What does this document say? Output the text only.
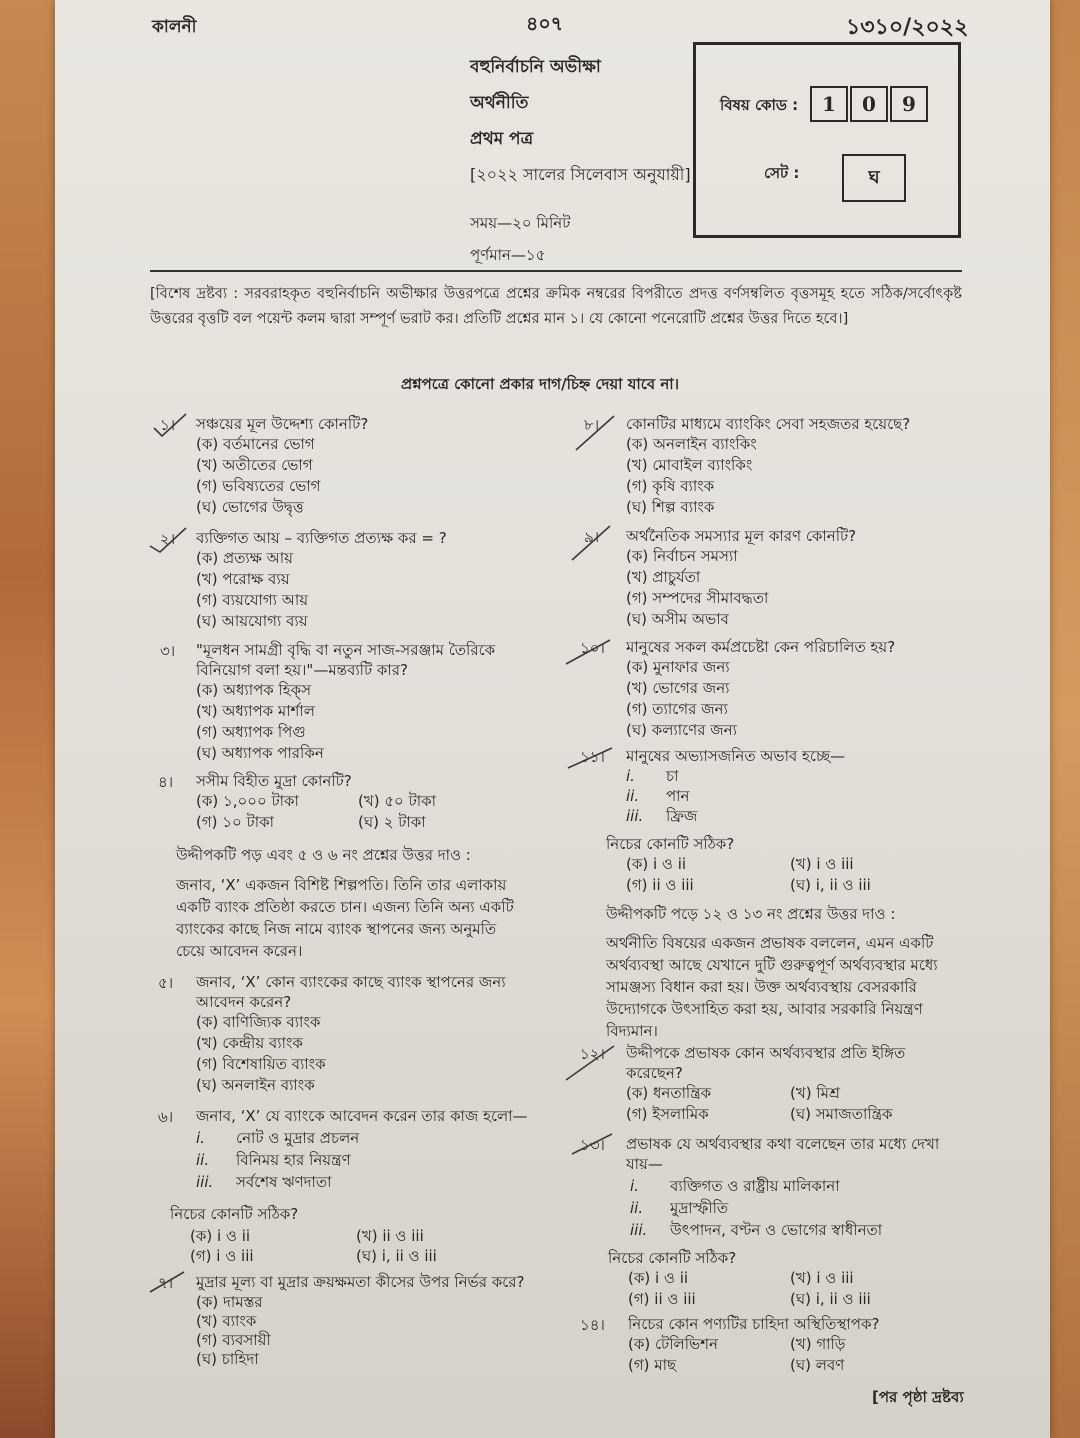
কালনী	৪০৭	১৩১০/২০২২
বহুনির্বাচনি অভীক্ষা
অর্থনীতি
প্রথম পত্র
[২০২২ সালের সিলেবাস অনুযায়ী]
সময়—২০ মিনিট
পূর্ণমান—১৫
বিষয় কোড :	1	0	9
সেট :	ঘ
[বিশেষ দ্রষ্টব্য : সরবরাহকৃত বহুনির্বাচনি অভীক্ষার উত্তরপত্রে প্রশ্নের ক্রমিক নম্বরের বিপরীতে প্রদত্ত বর্ণসম্বলিত বৃত্তসমূহ হতে সঠিক/সর্বোৎকৃষ্ট উত্তরের বৃত্তটি বল পয়েন্ট কলম দ্বারা সম্পূর্ণ ভরাট কর। প্রতিটি প্রশ্নের মান ১। যে কোনো পনেরোটি প্রশ্নের উত্তর দিতে হবে।]
প্রশ্নপত্রে কোনো প্রকার দাগ/চিহ্ন দেয়া যাবে না।
১। সঞ্চয়ের মূল উদ্দেশ্য কোনটি?
(ক) বর্তমানের ভোগ
(খ) অতীতের ভোগ
(গ) ভবিষ্যতের ভোগ
(ঘ) ভোগের উদ্বৃত্ত
২। ব্যক্তিগত আয় – ব্যক্তিগত প্রত্যক্ষ কর = ?
(ক) প্রত্যক্ষ আয়
(খ) পরোক্ষ ব্যয়
(গ) ব্যয়যোগ্য আয়
(ঘ) আয়যোগ্য ব্যয়
৩। "মূলধন সামগ্রী বৃদ্ধি বা নতুন সাজ-সরঞ্জাম তৈরিকে
বিনিয়োগ বলা হয়।"—মন্তব্যটি কার?
(ক) অধ্যাপক হিক্‌স
(খ) অধ্যাপক মার্শাল
(গ) অধ্যাপক পিগু
(ঘ) অধ্যাপক পারকিন
৪। সসীম বিহীত মুদ্রা কোনটি?
(ক) ১,০০০ টাকা	(খ) ৫০ টাকা
(গ) ১০ টাকা	(ঘ) ২ টাকা
উদ্দীপকটি পড় এবং ৫ ও ৬ নং প্রশ্নের উত্তর দাও :
জনাব, ‘X’ একজন বিশিষ্ট শিল্পপতি। তিনি তার এলাকায়
একটি ব্যাংক প্রতিষ্ঠা করতে চান। এজন্য তিনি অন্য একটি
ব্যাংকের কাছে নিজ নামে ব্যাংক স্থাপনের জন্য অনুমতি
চেয়ে আবেদন করেন।
৫। জনাব, ‘X’ কোন ব্যাংকের কাছে ব্যাংক স্থাপনের জন্য
আবেদন করেন?
(ক) বাণিজ্যিক ব্যাংক
(খ) কেন্দ্রীয় ব্যাংক
(গ) বিশেষায়িত ব্যাংক
(ঘ) অনলাইন ব্যাংক
৬। জনাব, ‘X’ যে ব্যাংকে আবেদন করেন তার কাজ হলো—
i. নোট ও মুদ্রার প্রচলন
ii. বিনিময় হার নিয়ন্ত্রণ
iii. সর্বশেষ ঋণদাতা
নিচের কোনটি সঠিক?
(ক) i ও ii	(খ) ii ও iii
(গ) i ও iii	(ঘ) i, ii ও iii
৭। মুদ্রার মূল্য বা মুদ্রার ক্রয়ক্ষমতা কীসের উপর নির্ভর করে?
(ক) দামস্তর
(খ) ব্যাংক
(গ) ব্যবসায়ী
(ঘ) চাহিদা
৮। কোনটির মাধ্যমে ব্যাংকিং সেবা সহজতর হয়েছে?
(ক) অনলাইন ব্যাংকিং
(খ) মোবাইল ব্যাংকিং
(গ) কৃষি ব্যাংক
(ঘ) শিল্প ব্যাংক
৯। অর্থনৈতিক সমস্যার মূল কারণ কোনটি?
(ক) নির্বাচন সমস্যা
(খ) প্রাচুর্যতা
(গ) সম্পদের সীমাবদ্ধতা
(ঘ) অসীম অভাব
১০। মানুষের সকল কর্মপ্রচেষ্টা কেন পরিচালিত হয়?
(ক) মুনাফার জন্য
(খ) ভোগের জন্য
(গ) ত্যাগের জন্য
(ঘ) কল্যাণের জন্য
১১। মানুষের অভ্যাসজনিত অভাব হচ্ছে—
i. চা
ii. পান
iii. ফ্রিজ
নিচের কোনটি সঠিক?
(ক) i ও ii	(খ) i ও iii
(গ) ii ও iii	(ঘ) i, ii ও iii
উদ্দীপকটি পড়ে ১২ ও ১৩ নং প্রশ্নের উত্তর দাও :
অর্থনীতি বিষয়ের একজন প্রভাষক বললেন, এমন একটি
অর্থব্যবস্থা আছে যেখানে দুটি গুরুত্বপূর্ণ অর্থব্যবস্থার মধ্যে
সামঞ্জস্য বিধান করা হয়। উক্ত অর্থব্যবস্থায় বেসরকারি
উদ্যোগকে উৎসাহিত করা হয়, আবার সরকারি নিয়ন্ত্রণ
বিদ্যমান।
১২। উদ্দীপকে প্রভাষক কোন অর্থব্যবস্থার প্রতি ইঙ্গিত
করেছেন?
(ক) ধনতান্ত্রিক	(খ) মিশ্র
(গ) ইসলামিক	(ঘ) সমাজতান্ত্রিক
১৩। প্রভাষক যে অর্থব্যবস্থার কথা বলেছেন তার মধ্যে দেখা
যায়—
i. ব্যক্তিগত ও রাষ্ট্রীয় মালিকানা
ii. মুদ্রাস্ফীতি
iii. উৎপাদন, বণ্টন ও ভোগের স্বাধীনতা
নিচের কোনটি সঠিক?
(ক) i ও ii	(খ) i ও iii
(গ) ii ও iii	(ঘ) i, ii ও iii
১৪। নিচের কোন পণ্যটির চাহিদা অস্থিতিস্থাপক?
(ক) টেলিভিশন	(খ) গাড়ি
(গ) মাছ	(ঘ) লবণ
[পর পৃষ্ঠা দ্রষ্টব্য
